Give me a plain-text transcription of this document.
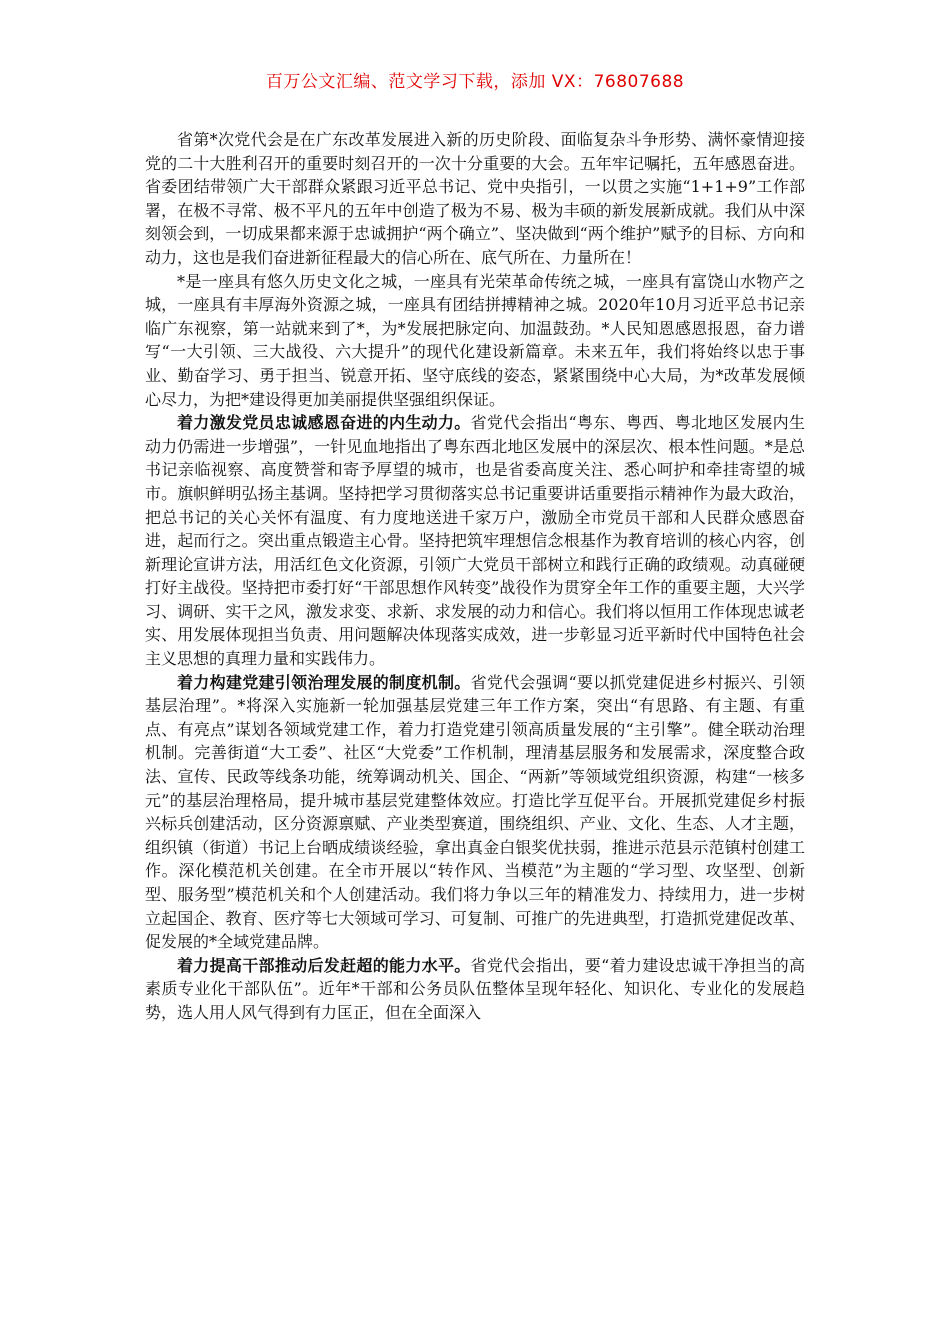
百万公文汇编、范文学习下载，添加 VX：76807688

省第*次党代会是在广东改革发展进入新的历史阶段、面临复杂斗争形势、满怀豪情迎接党的二十大胜利召开的重要时刻召开的一次十分重要的大会。五年牢记嘱托，五年感恩奋进。省委团结带领广大干部群众紧跟习近平总书记、党中央指引，一以贯之实施“1+1+9”工作部署，在极不寻常、极不平凡的五年中创造了极为不易、极为丰硕的新发展新成就。我们从中深刻领会到，一切成果都来源于忠诚拥护“两个确立”、坚决做到“两个维护”赋予的目标、方向和动力，这也是我们奋进新征程最大的信心所在、底气所在、力量所在！

*是一座具有悠久历史文化之城，一座具有光荣革命传统之城，一座具有富饶山水物产之城，一座具有丰厚海外资源之城，一座具有团结拼搏精神之城。2020年10月习近平总书记亲临广东视察，第一站就来到了*，为*发展把脉定向、加温鼓劲。*人民知恩感恩报恩，奋力谱写“一大引领、三大战役、六大提升”的现代化建设新篇章。未来五年，我们将始终以忠于事业、勤奋学习、勇于担当、锐意开拓、坚守底线的姿态，紧紧围绕中心大局，为*改革发展倾心尽力，为把*建设得更加美丽提供坚强组织保证。

着力激发党员忠诚感恩奋进的内生动力。省党代会指出“粤东、粤西、粤北地区发展内生动力仍需进一步增强”，一针见血地指出了粤东西北地区发展中的深层次、根本性问题。*是总书记亲临视察、高度赞誉和寄予厚望的城市，也是省委高度关注、悉心呵护和牵挂寄望的城市。旗帜鲜明弘扬主基调。坚持把学习贯彻落实总书记重要讲话重要指示精神作为最大政治，把总书记的关心关怀有温度、有力度地送进千家万户，激励全市党员干部和人民群众感恩奋进，起而行之。突出重点锻造主心骨。坚持把筑牢理想信念根基作为教育培训的核心内容，创新理论宣讲方法，用活红色文化资源，引领广大党员干部树立和践行正确的政绩观。动真碰硬打好主战役。坚持把市委打好“干部思想作风转变”战役作为贯穿全年工作的重要主题，大兴学习、调研、实干之风，激发求变、求新、求发展的动力和信心。我们将以恒用工作体现忠诚老实、用发展体现担当负责、用问题解决体现落实成效，进一步彰显习近平新时代中国特色社会主义思想的真理力量和实践伟力。

着力构建党建引领治理发展的制度机制。省党代会强调“要以抓党建促进乡村振兴、引领基层治理”。*将深入实施新一轮加强基层党建三年工作方案，突出“有思路、有主题、有重点、有亮点”谋划各领域党建工作，着力打造党建引领高质量发展的“主引擎”。健全联动治理机制。完善街道“大工委”、社区“大党委”工作机制，理清基层服务和发展需求，深度整合政法、宣传、民政等线条功能，统筹调动机关、国企、“两新”等领域党组织资源，构建“一核多元”的基层治理格局，提升城市基层党建整体效应。打造比学互促平台。开展抓党建促乡村振兴标兵创建活动，区分资源禀赋、产业类型赛道，围绕组织、产业、文化、生态、人才主题，组织镇（街道）书记上台晒成绩谈经验，拿出真金白银奖优扶弱，推进示范县示范镇村创建工作。深化模范机关创建。在全市开展以“转作风、当模范”为主题的“学习型、攻坚型、创新型、服务型”模范机关和个人创建活动。我们将力争以三年的精准发力、持续用力，进一步树立起国企、教育、医疗等七大领域可学习、可复制、可推广的先进典型，打造抓党建促改革、促发展的*全域党建品牌。

着力提高干部推动后发赶超的能力水平。省党代会指出，要“着力建设忠诚干净担当的高素质专业化干部队伍”。近年*干部和公务员队伍整体呈现年轻化、知识化、专业化的发展趋势，选人用人风气得到有力匡正，但在全面深入
